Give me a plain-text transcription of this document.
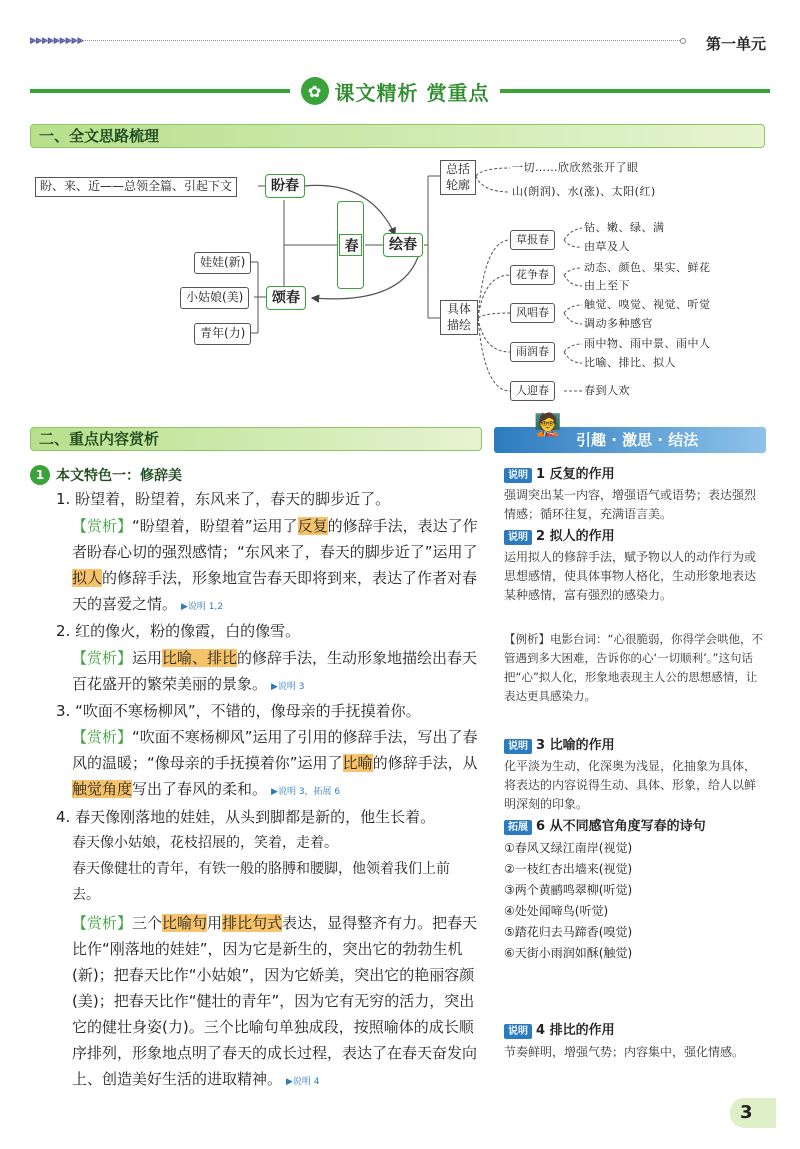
▶▶▶▶▶▶▶▶▶	第一单元
✿ 课文精析 赏重点
一、全文思路梳理
盼、来、近——总领全篇、引起下文	盼春
春	绘春
颂春
娃娃(新)
小姑娘(美)
青年(力)
总括轮廓
具体描绘
一切……欣欣然张开了眼
山(朗润)、水(涨)、太阳(红)
草报春
钻、嫩、绿、满
由草及人
花争春
动态、颜色、果实、鲜花
由上至下
风唱春
触觉、嗅觉、视觉、听觉
调动多种感官
雨润春
雨中物、雨中景、雨中人
比喻、排比、拟人
人迎春	春到人欢
二、重点内容赏析
1 本文特色一：修辞美
1. 盼望着，盼望着，东风来了，春天的脚步近了。
【赏析】“盼望着，盼望着”运用了反复的修辞手法，表达了作者盼春心切的强烈感情；“东风来了，春天的脚步近了”运用了拟人的修辞手法，形象地宣告春天即将到来，表达了作者对春天的喜爱之情。 ▶说明 1,2
2. 红的像火，粉的像霞，白的像雪。
【赏析】运用比喻、排比的修辞手法，生动形象地描绘出春天百花盛开的繁荣美丽的景象。 ▶说明 3
3. “吹面不寒杨柳风”，不错的，像母亲的手抚摸着你。
【赏析】“吹面不寒杨柳风”运用了引用的修辞手法，写出了春风的温暖；“像母亲的手抚摸着你”运用了比喻的修辞手法，从触觉角度写出了春风的柔和。 ▶说明 3，拓展 6
4. 春天像刚落地的娃娃，从头到脚都是新的，他生长着。
春天像小姑娘，花枝招展的，笑着，走着。
春天像健壮的青年，有铁一般的胳膊和腰脚，他领着我们上前去。
【赏析】三个比喻句用排比句式表达，显得整齐有力。把春天比作“刚落地的娃娃”，因为它是新生的，突出它的勃勃生机(新)；把春天比作“小姑娘”，因为它娇美，突出它的艳丽容颜(美)；把春天比作“健壮的青年”，因为它有无穷的活力，突出它的健壮身姿(力)。三个比喻句单独成段，按照喻体的成长顺序排列，形象地点明了春天的成长过程，表达了在春天奋发向上、创造美好生活的进取精神。 ▶说明 4
引趣 · 激思 · 结法
🧑‍🏫
说明 1 反复的作用
强调突出某一内容，增强语气或语势；表达强烈情感；循环往复，充满语言美。
说明 2 拟人的作用
运用拟人的修辞手法，赋予物以人的动作行为或思想感情，使具体事物人格化，生动形象地表达某种感情，富有强烈的感染力。
【例析】电影台词：“心很脆弱，你得学会哄他，不管遇到多大困难，告诉你的心‘一切顺利’。”这句话把“心”拟人化，形象地表现主人公的思想感情，让表达更具感染力。
说明 3 比喻的作用
化平淡为生动，化深奥为浅显，化抽象为具体，将表达的内容说得生动、具体、形象，给人以鲜明深刻的印象。
拓展 6 从不同感官角度写春的诗句
①春风又绿江南岸(视觉)
②一枝红杏出墙来(视觉)
③两个黄鹂鸣翠柳(听觉)
④处处闻啼鸟(听觉)
⑤踏花归去马蹄香(嗅觉)
⑥天街小雨润如酥(触觉)
说明 4 排比的作用
节奏鲜明，增强气势；内容集中，强化情感。
3
